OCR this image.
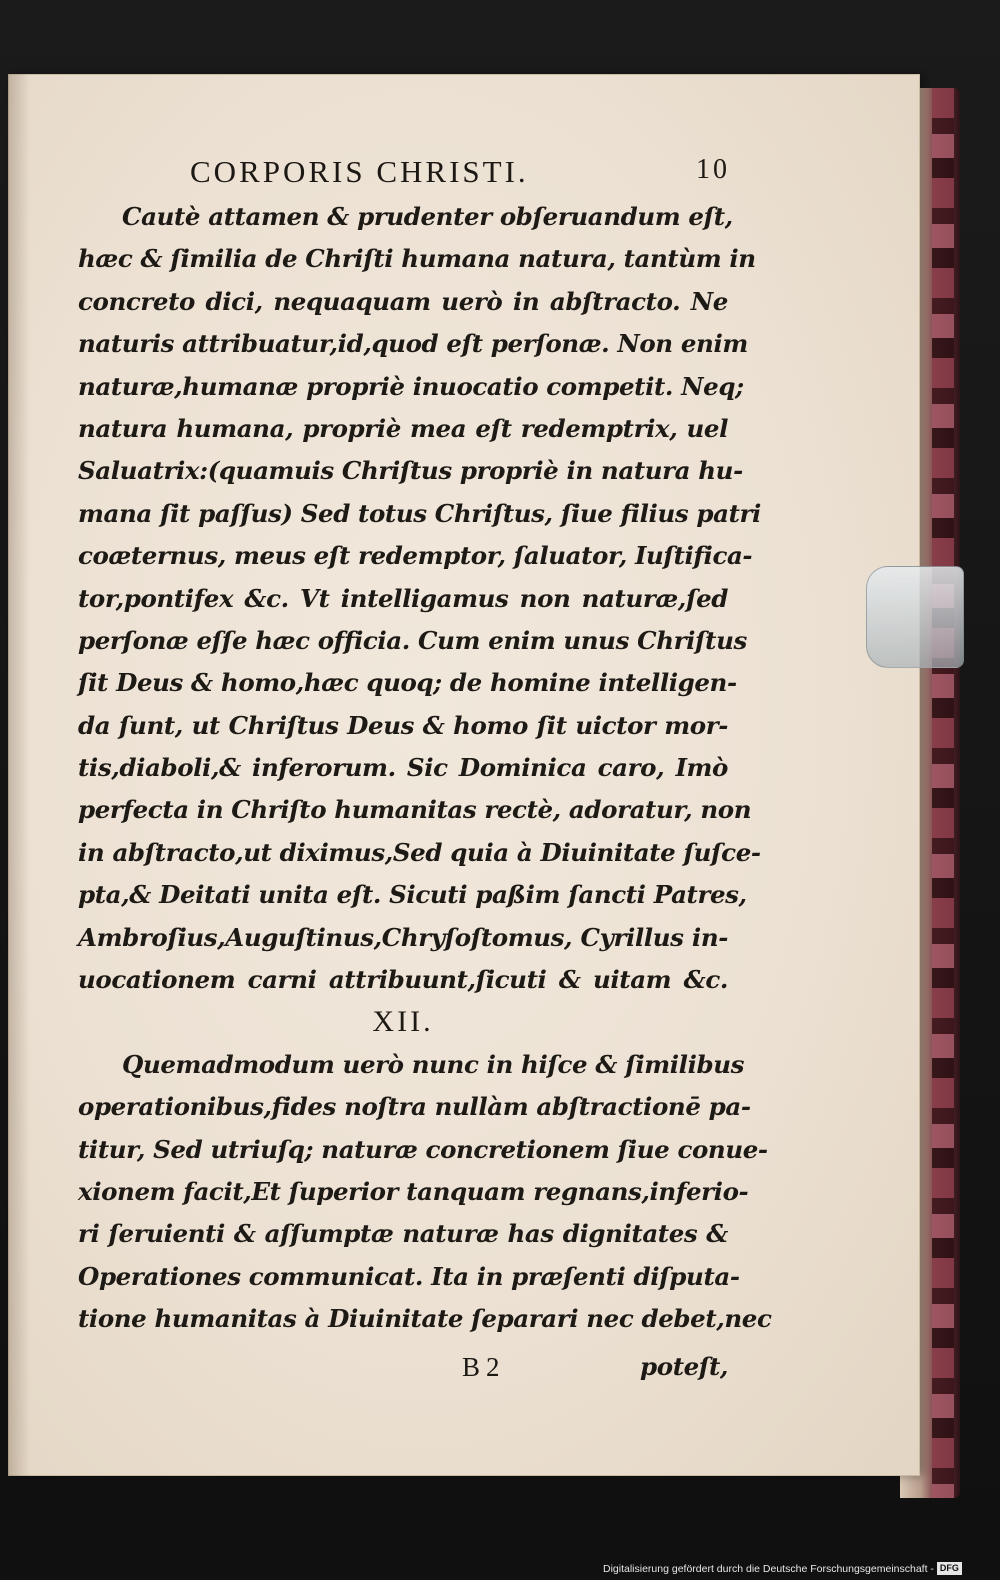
CORPORIS CHRISTI.	10
Cautè attamen & prudenter obſeruandum eſt,
hæc & ſimilia de Chriſti humana natura, tantùm in
concreto dici, nequaquam uerò in abſtracto. Ne
naturis attribuatur,id,quod eſt perſonæ. Non enim
naturæ,humanæ propriè inuocatio competit. Neq;
natura humana, propriè mea eſt redemptrix, uel
Saluatrix:(quamuis Chriſtus propriè in natura hu-
mana ſit paſſus) Sed totus Chriſtus, ſiue filius patri
coæternus, meus eſt redemptor, ſaluator, Iuſtifica-
tor,pontifex &c. Vt intelligamus non naturæ,ſed
perſonæ eſſe hæc officia. Cum enim unus Chriſtus
ſit Deus & homo,hæc quoq; de homine intelligen-
da ſunt, ut Chriſtus Deus & homo ſit uictor mor-
tis,diaboli,& inferorum. Sic Dominica caro, Imò
perfecta in Chriſto humanitas rectè, adoratur, non
in abſtracto,ut diximus,Sed quia à Diuinitate ſuſce-
pta,& Deitati unita eſt. Sicuti paßim ſancti Patres,
Ambroſius,Auguſtinus,Chryſoſtomus, Cyrillus in-
uocationem carni attribuunt,ſicuti & uitam &c.
XII.
Quemadmodum uerò nunc in hiſce & ſimilibus
operationibus,fides noſtra nullàm abſtractionē pa-
titur, Sed utriuſq; naturæ concretionem ſiue conue-
xionem facit,Et ſuperior tanquam regnans,inferio-
ri ſeruienti & aſſumptæ naturæ has dignitates &
Operationes communicat. Ita in præſenti diſputa-
tione humanitas à Diuinitate ſeparari nec debet,nec
B 2	poteſt,
Digitalisierung gefördert durch die Deutsche Forschungsgemeinschaft - DFG
